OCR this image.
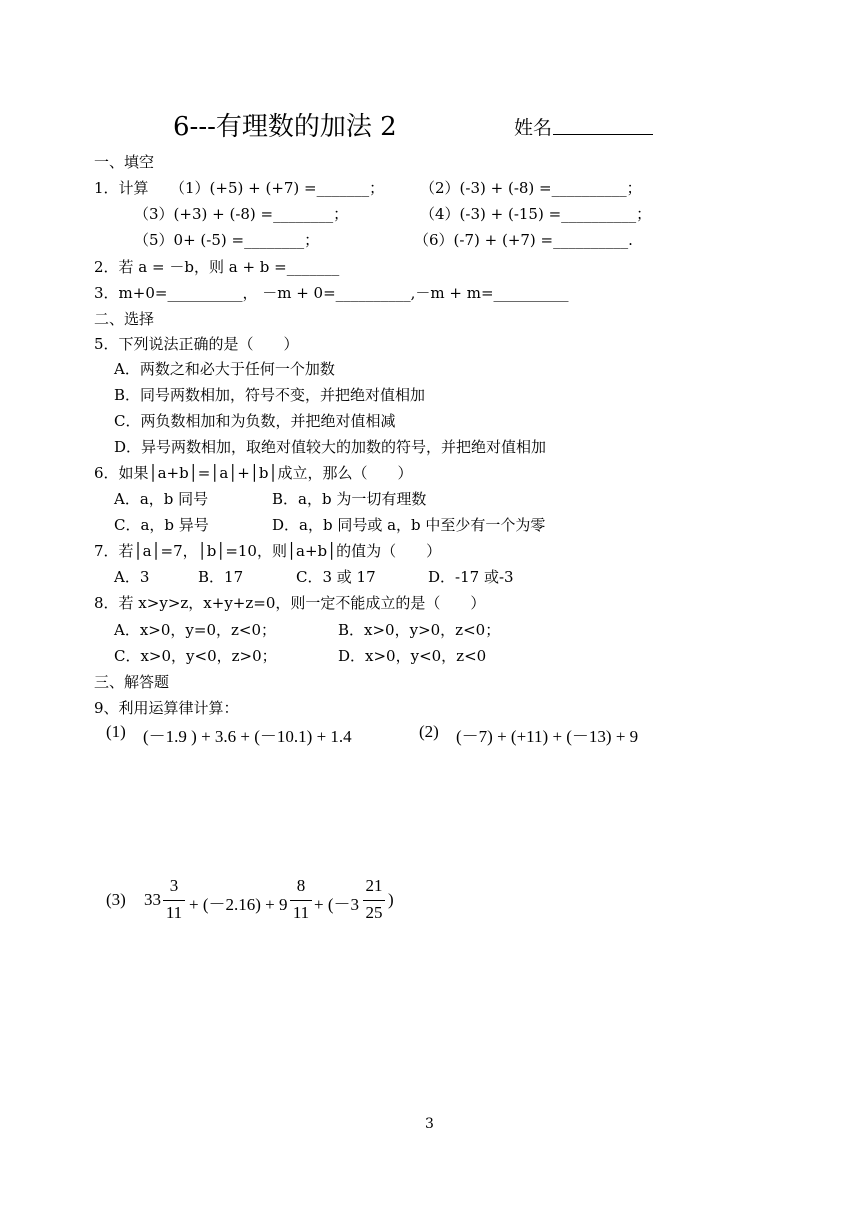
6---有理数的加法 2	姓名
一、填空
1．计算 （1）(+5) + (+7) =_______； （2）(-3) + (-8) =__________；
（3）(+3) + (-8) =________；	（4）(-3) + (-15) =__________；
（5）0+ (-5) =________；	（6）(-7) + (+7) =__________.
2．若 a = －b，则 a + b =_______
3．m+0=__________， －m + 0=__________,－m + m=__________
二、选择
5．下列说法正确的是（　　）
A．两数之和必大于任何一个加数
B．同号两数相加，符号不变，并把绝对值相加
C．两负数相加和为负数，并把绝对值相减
D．异号两数相加，取绝对值较大的加数的符号，并把绝对值相加
6．如果│a+b│=│a│+│b│成立，那么（　　）
A．a，b 同号	B．a，b 为一切有理数
C．a，b 异号	D．a，b 同号或 a，b 中至少有一个为零
7．若│a│=7，│b│=10，则│a+b│的值为（　　）
A．3	B．17	C．3 或 17	D．-17 或-3
8．若 x>y>z，x+y+z=0，则一定不能成立的是（　　）
A．x>0，y=0，z<0；	B．x>0，y>0，z<0；
C．x>0，y<0，z>0；	D．x>0，y<0，z<0
三、解答题
9、利用运算律计算：
(1) (－1.9 ) + 3.6 + (－10.1) + 1.4	(2) (－7) + (+11) + (－13) + 9
(3) 33
3
11 + (－2.16) + 9
8
11 + (－3
21
25
)
3
